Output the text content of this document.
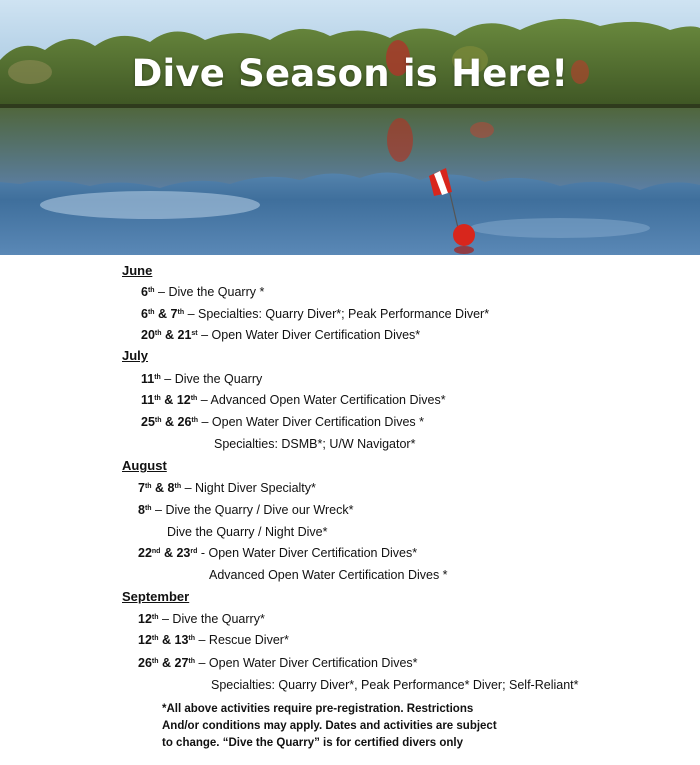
Dive Season is Here!
June
6th – Dive the Quarry *
6th & 7th – Specialties: Quarry Diver*; Peak Performance Diver*
20th & 21st – Open Water Diver Certification Dives*
July
11th – Dive the Quarry
11th & 12th – Advanced Open Water Certification Dives*
25th & 26th – Open Water Diver Certification Dives *
Specialties: DSMB*; U/W Navigator*
August
7th & 8th – Night Diver Specialty*
8th – Dive the Quarry / Dive our Wreck*
Dive the Quarry / Night Dive*
22nd & 23rd - Open Water Diver Certification Dives*
Advanced Open Water Certification Dives *
September
12th – Dive the Quarry*
12th & 13th – Rescue Diver*
26th & 27th – Open Water Diver Certification Dives*
Specialties: Quarry Diver*, Peak Performance* Diver; Self-Reliant*
*All above activities require pre-registration. Restrictions
And/or conditions may apply. Dates and activities are subject
to change. “Dive the Quarry” is for certified divers only
